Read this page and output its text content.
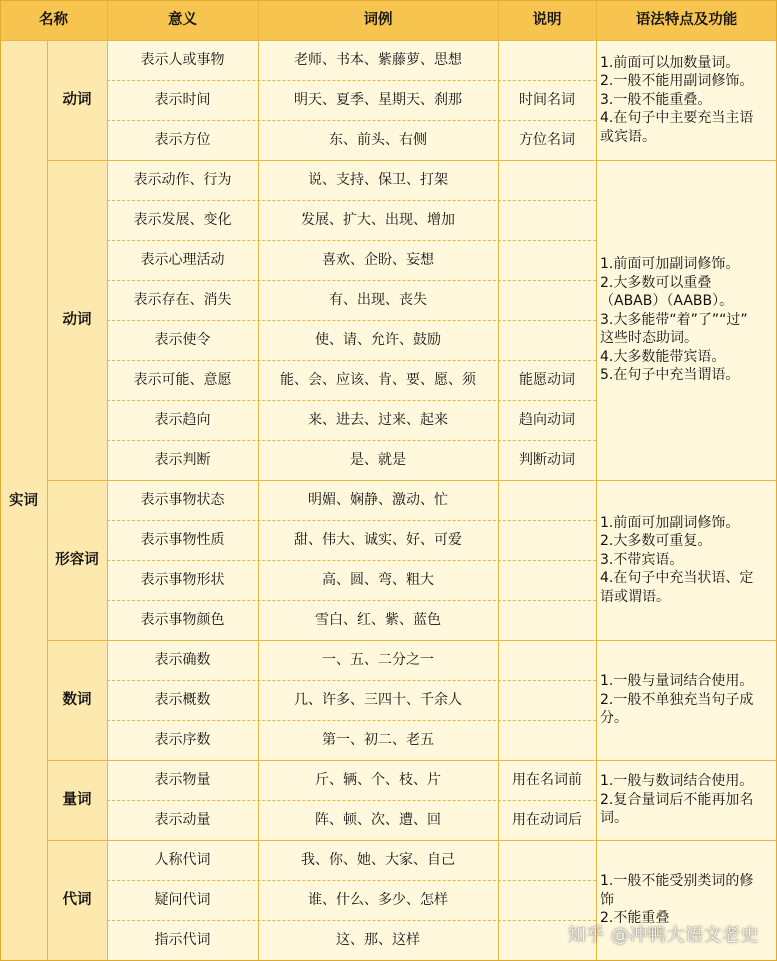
名称	意义	词例	说明	语法特点及功能
实词
动词
表示人或事物	老师、书本、紫藤萝、思想
表示时间	明天、夏季、星期天、刹那	时间名词
表示方位	东、前头、右侧	方位名词
1.前面可以加数量词。
2.一般不能用副词修饰。
3.一般不能重叠。
4.在句子中主要充当主语
或宾语。
动词
表示动作、行为	说、支持、保卫、打架
表示发展、变化	发展、扩大、出现、增加
表示心理活动	喜欢、企盼、妄想
表示存在、消失	有、出现、丧失
表示使令	使、请、允许、鼓励
表示可能、意愿	能、会、应该、肯、要、愿、须	能愿动词
表示趋向	来、进去、过来、起来	趋向动词
表示判断	是、就是	判断动词
1.前面可加副词修饰。
2.大多数可以重叠
（ABAB）（AABB）。
3.大多能带“着”了”“过”
这些时态助词。
4.大多数能带宾语。
5.在句子中充当谓语。
形容词
表示事物状态	明媚、娴静、激动、忙
表示事物性质	甜、伟大、诚实、好、可爱
表示事物形状	高、圆、弯、粗大
表示事物颜色	雪白、红、紫、蓝色
1.前面可加副词修饰。
2.大多数可重复。
3.不带宾语。
4.在句子中充当状语、定
语或谓语。
数词
表示确数	一、五、二分之一
表示概数	几、许多、三四十、千余人
表示序数	第一、初二、老五
1.一般与量词结合使用。
2.一般不单独充当句子成
分。
量词
表示物量	斤、辆、个、枝、片	用在名词前
表示动量	阵、顿、次、遭、回	用在动词后
1.一般与数词结合使用。
2.复合量词后不能再加名
词。
代词
人称代词	我、你、她、大家、自己
疑问代词	谁、什么、多少、怎样
指示代词	这、那、这样
1.一般不能受别类词的修
饰
2.不能重叠
知乎 @冲鸭大语文老史
